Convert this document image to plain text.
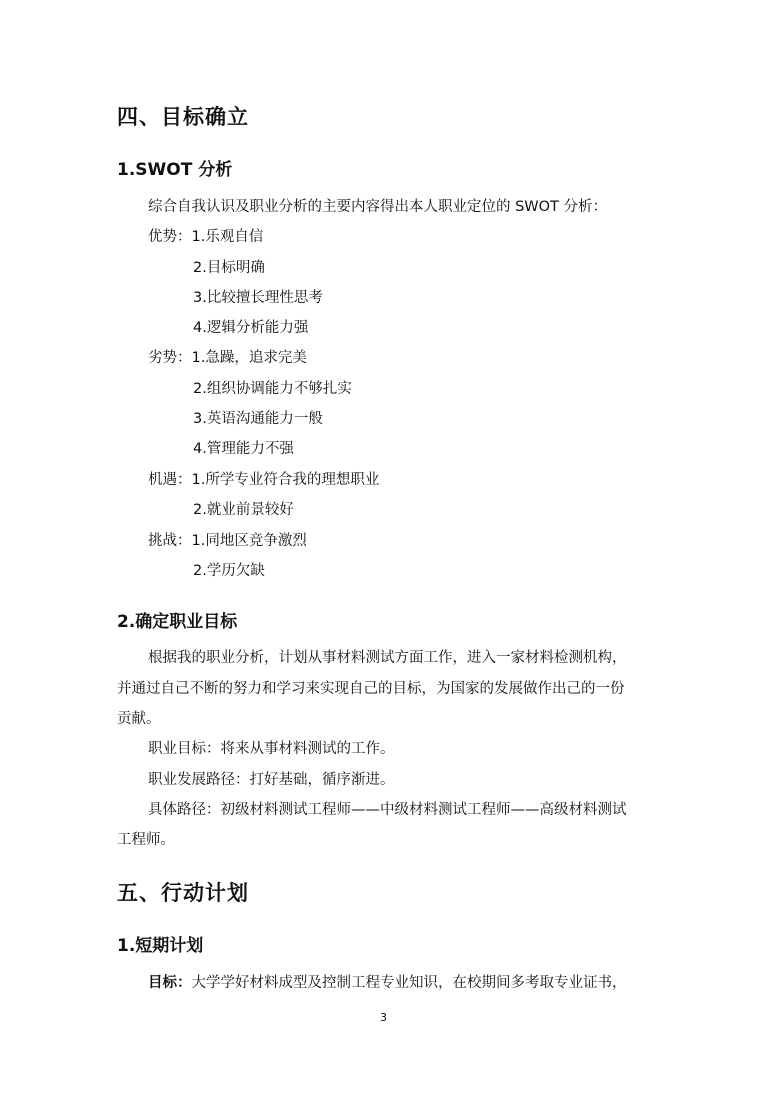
四、目标确立
1.SWOT 分析

综合自我认识及职业分析的主要内容得出本人职业定位的 SWOT 分析：

优势：1.乐观自信

2.目标明确

3.比较擅长理性思考

4.逻辑分析能力强

劣势：1.急躁，追求完美

2.组织协调能力不够扎实

3.英语沟通能力一般

4.管理能力不强

机遇：1.所学专业符合我的理想职业

2.就业前景较好

挑战：1.同地区竞争激烈

2.学历欠缺

2.确定职业目标

根据我的职业分析，计划从事材料测试方面工作，进入一家材料检测机构，

并通过自己不断的努力和学习来实现自己的目标，为国家的发展做作出己的一份

贡献。

职业目标：将来从事材料测试的工作。

职业发展路径：打好基础，循序渐进。

具体路径：初级材料测试工程师——中级材料测试工程师——高级材料测试

工程师。

五、行动计划
1.短期计划

目标：大学学好材料成型及控制工程专业知识，在校期间多考取专业证书，

3
